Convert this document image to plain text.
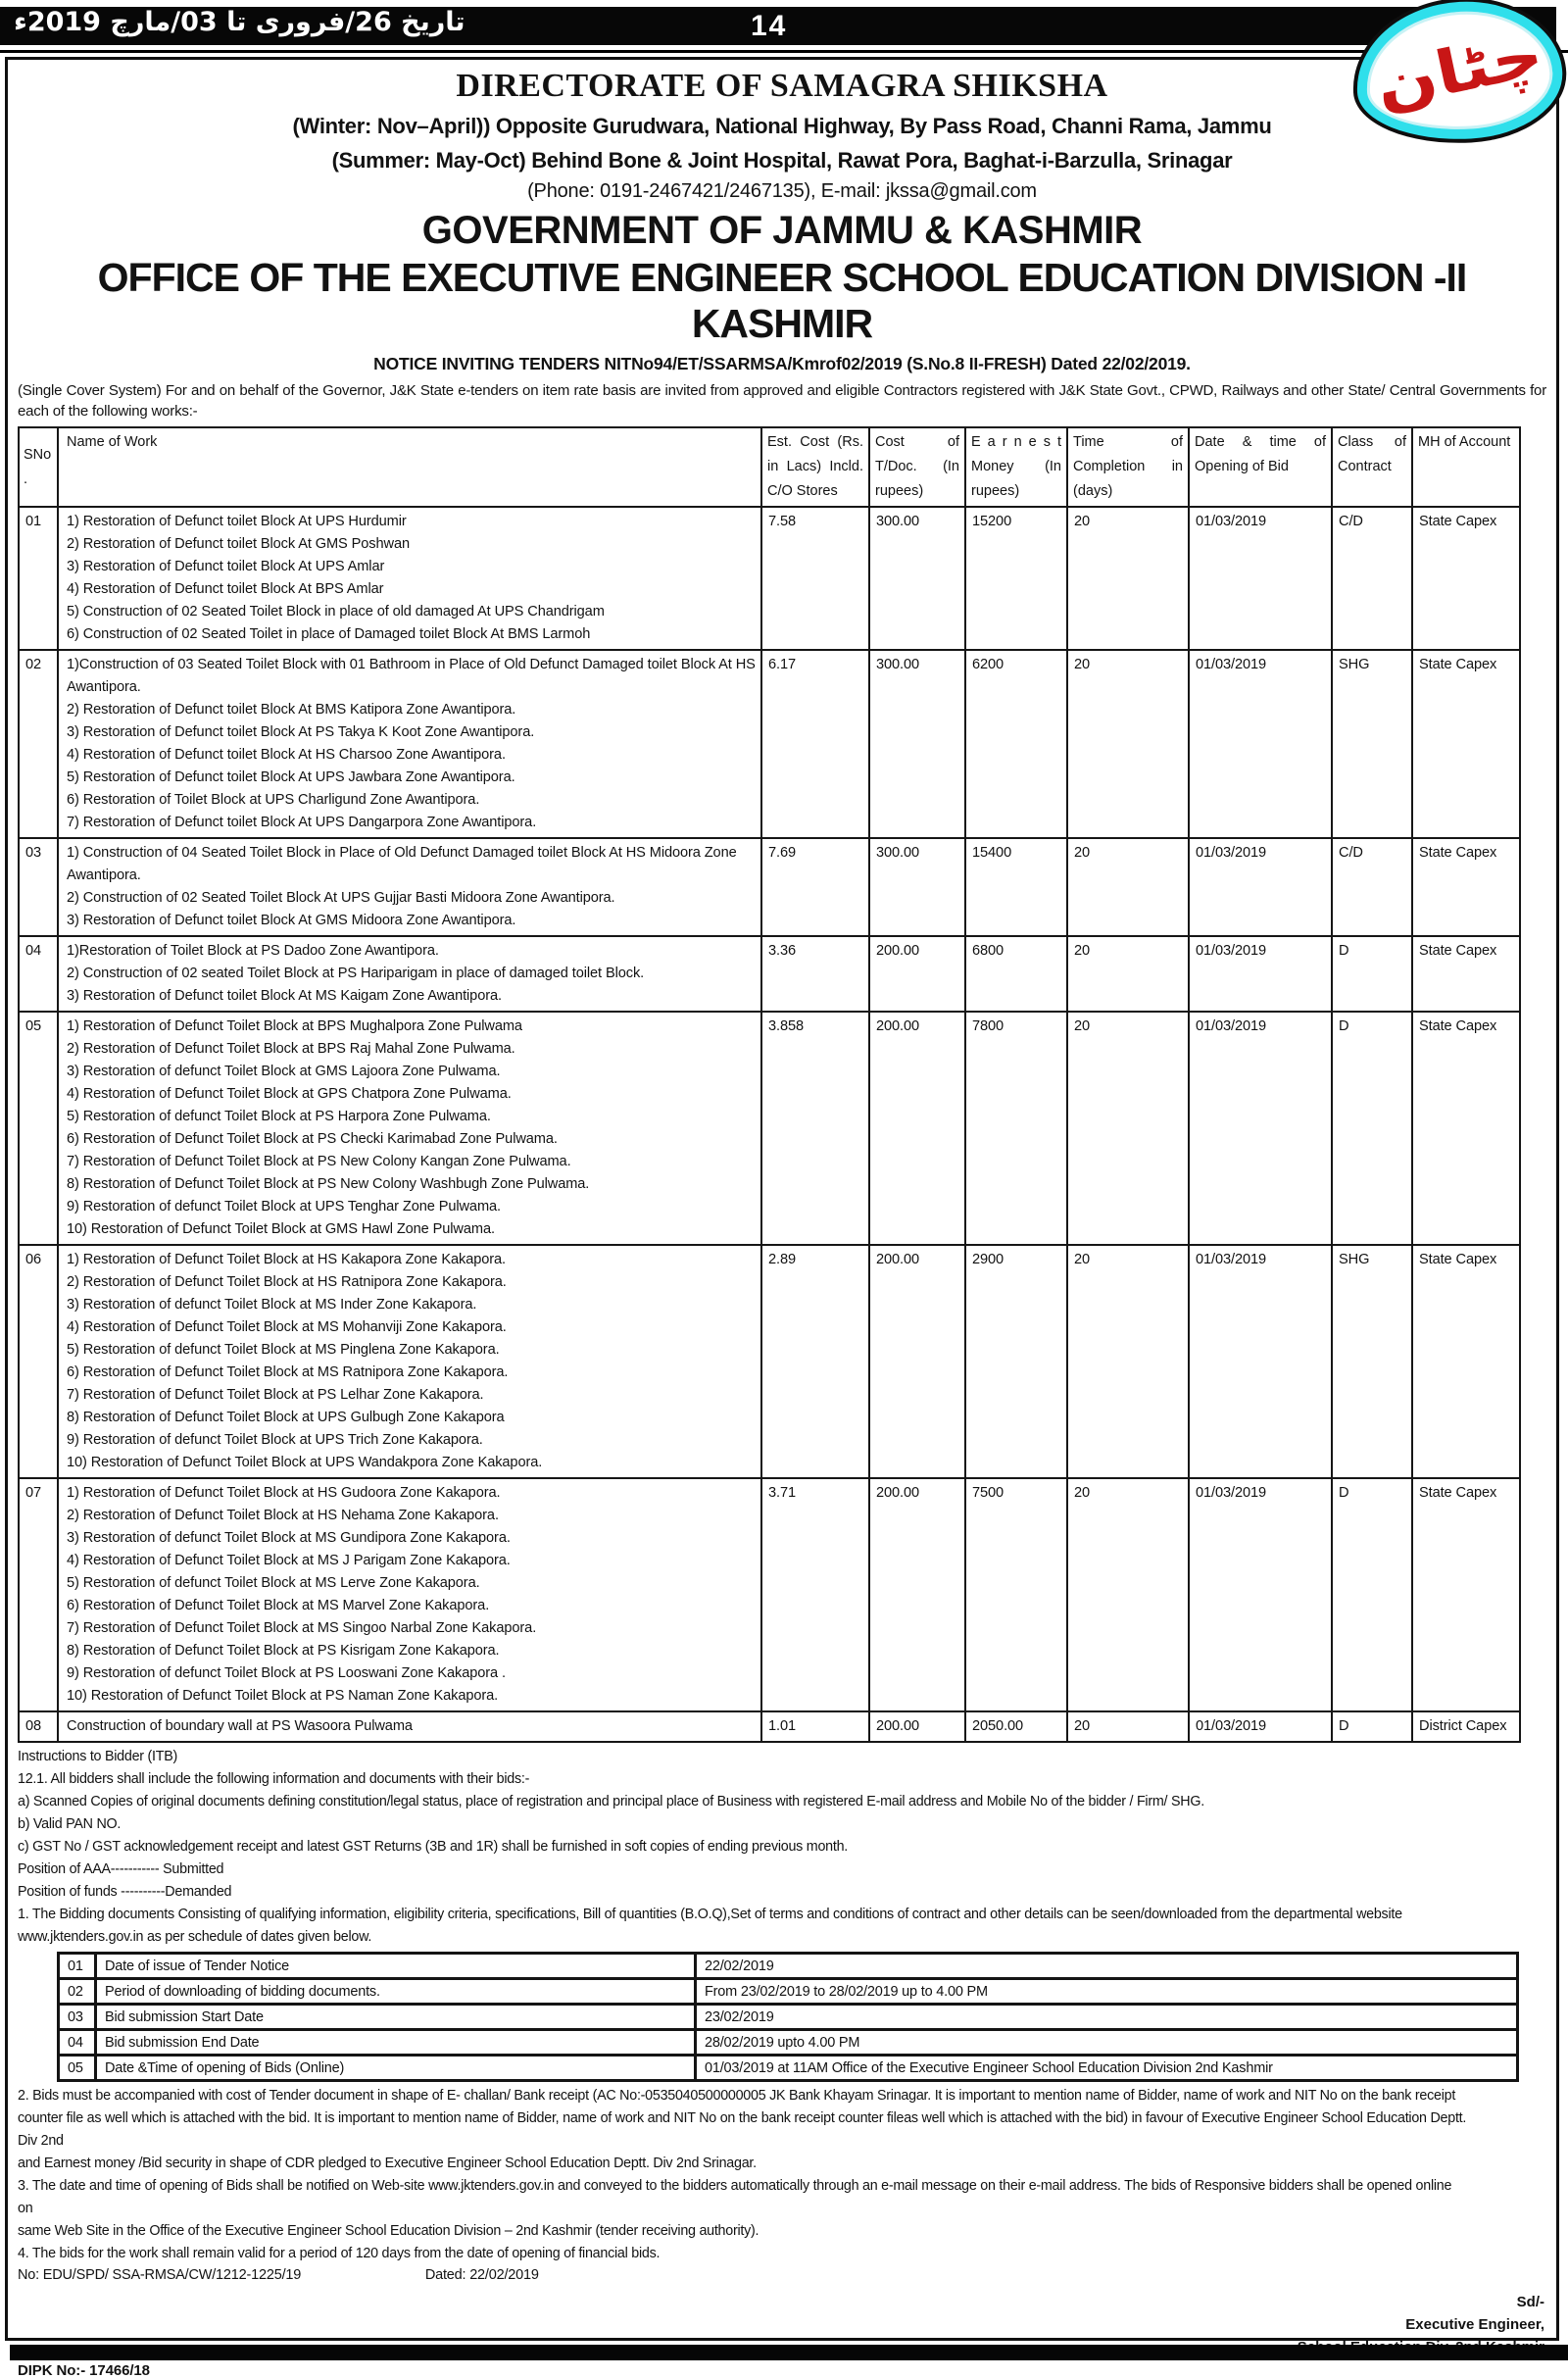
تاریخ 26/فروری تا 03/مارچ 2019ء	14	چٹان
DIRECTORATE OF SAMAGRA SHIKSHA
(Winter: Nov–April)) Opposite Gurudwara, National Highway, By Pass Road, Channi Rama, Jammu
(Summer: May-Oct) Behind Bone & Joint Hospital, Rawat Pora, Baghat-i-Barzulla, Srinagar
(Phone: 0191-2467421/2467135), E-mail: jkssa@gmail.com
GOVERNMENT OF JAMMU & KASHMIR
OFFICE OF THE EXECUTIVE ENGINEER SCHOOL EDUCATION DIVISION -II KASHMIR
NOTICE INVITING TENDERS NITNo94/ET/SSARMSA/Kmrof02/2019 (S.No.8 II-FRESH) Dated 22/02/2019.
(Single Cover System) For and on behalf of the Governor, J&K State e-tenders on item rate basis are invited from approved and eligible Contractors registered with J&K State Govt., CPWD, Railways and other State/ Central Governments for each of the following works:-
SNo.	Name of Work	Est. Cost (Rs. in Lacs) Incld. C/O Stores	Cost of T/Doc. (In rupees)	E a r n e s t Money (In rupees)	Time of Completion in (days)	Date & time of Opening of Bid	Class of Contract	MH of Account
01	1) Restoration of Defunct toilet Block At UPS Hurdumir
2) Restoration of Defunct toilet Block At GMS Poshwan
3) Restoration of Defunct toilet Block At UPS Amlar
4) Restoration of Defunct toilet Block At BPS Amlar
5) Construction of 02 Seated Toilet Block in place of old damaged At UPS Chandrigam
6) Construction of 02 Seated Toilet in place of Damaged toilet Block At BMS Larmoh
	7.58	300.00	15200	20	01/03/2019	C/D	State Capex
02	1)Construction of 03 Seated Toilet Block with 01 Bathroom in Place of Old Defunct Damaged toilet Block At HS Awantipora.
2) Restoration of Defunct toilet Block At BMS Katipora Zone Awantipora.
3) Restoration of Defunct toilet Block At PS Takya K Koot Zone Awantipora.
4) Restoration of Defunct toilet Block At HS Charsoo Zone Awantipora.
5) Restoration of Defunct toilet Block At UPS Jawbara Zone Awantipora.
6) Restoration of Toilet Block at UPS Charligund Zone Awantipora.
7) Restoration of Defunct toilet Block At UPS Dangarpora Zone Awantipora.
	6.17	300.00	6200	20	01/03/2019	SHG	State Capex
03	1) Construction of 04 Seated Toilet Block in Place of Old Defunct Damaged toilet Block At HS Midoora Zone Awantipora.
2) Construction of 02 Seated Toilet Block At UPS Gujjar Basti Midoora Zone Awantipora.
3) Restoration of Defunct toilet Block At GMS Midoora Zone Awantipora.	7.69	300.00	15400	20	01/03/2019	C/D	State Capex
04	1)Restoration of Toilet Block at PS Dadoo Zone Awantipora.
2) Construction of 02 seated Toilet Block at PS Hariparigam in place of damaged toilet Block.
3) Restoration of Defunct toilet Block At MS Kaigam Zone Awantipora.	3.36	200.00	6800	20	01/03/2019	D	State Capex
05	1) Restoration of Defunct Toilet Block at BPS Mughalpora Zone Pulwama
2) Restoration of Defunct Toilet Block at BPS Raj Mahal Zone Pulwama.
3) Restoration of defunct Toilet Block at GMS Lajoora Zone Pulwama.
4) Restoration of Defunct Toilet Block at GPS Chatpora Zone Pulwama.
5) Restoration of defunct Toilet Block at PS Harpora Zone Pulwama.
6) Restoration of Defunct Toilet Block at PS Checki Karimabad Zone Pulwama.
7) Restoration of Defunct Toilet Block at PS New Colony Kangan Zone Pulwama.
8) Restoration of Defunct Toilet Block at PS New Colony Washbugh Zone Pulwama.
9) Restoration of defunct Toilet Block at UPS Tenghar Zone Pulwama.
10) Restoration of Defunct Toilet Block at GMS Hawl Zone Pulwama.
	3.858	200.00	7800	20	01/03/2019	D	State Capex
06	1) Restoration of Defunct Toilet Block at HS Kakapora Zone Kakapora.
2) Restoration of Defunct Toilet Block at HS Ratnipora Zone Kakapora.
3) Restoration of defunct Toilet Block at MS Inder Zone Kakapora.
4) Restoration of Defunct Toilet Block at MS Mohanviji Zone Kakapora.
5) Restoration of defunct Toilet Block at MS Pinglena Zone Kakapora.
6) Restoration of Defunct Toilet Block at MS Ratnipora Zone Kakapora.
7) Restoration of Defunct Toilet Block at PS Lelhar Zone Kakapora.
8) Restoration of Defunct Toilet Block at UPS Gulbugh Zone Kakapora
9) Restoration of defunct Toilet Block at UPS Trich Zone Kakapora.
10) Restoration of Defunct Toilet Block at UPS Wandakpora Zone Kakapora.
	2.89	200.00	2900	20	01/03/2019	SHG	State Capex
07	1) Restoration of Defunct Toilet Block at HS Gudoora Zone Kakapora.
2) Restoration of Defunct Toilet Block at HS Nehama Zone Kakapora.
3) Restoration of defunct Toilet Block at MS Gundipora Zone Kakapora.
4) Restoration of Defunct Toilet Block at MS J Parigam Zone Kakapora.
5) Restoration of defunct Toilet Block at MS Lerve Zone Kakapora.
6) Restoration of Defunct Toilet Block at MS Marvel Zone Kakapora.
7) Restoration of Defunct Toilet Block at MS Singoo Narbal Zone Kakapora.
8) Restoration of Defunct Toilet Block at PS Kisrigam Zone Kakapora.
9) Restoration of defunct Toilet Block at PS Looswani Zone Kakapora .
10) Restoration of Defunct Toilet Block at PS Naman Zone Kakapora.
	3.71	200.00	7500	20	01/03/2019	D	State Capex
08	Construction of boundary wall at PS Wasoora Pulwama	1.01	200.00	2050.00	20	01/03/2019	D	District Capex
Instructions to Bidder (ITB)
12.1. All bidders shall include the following information and documents with their bids:-
a) Scanned Copies of original documents defining constitution/legal status, place of registration and principal place of Business with registered E-mail address and Mobile No of the bidder / Firm/ SHG.
b) Valid PAN NO.
c) GST No / GST acknowledgement receipt and latest GST Returns (3B and 1R) shall be furnished in soft copies of ending previous month.
Position of AAA----------- Submitted
Position of funds ----------Demanded
1. The Bidding documents Consisting of qualifying information, eligibility criteria, specifications, Bill of quantities (B.O.Q),Set of terms and conditions of contract and other details can be seen/downloaded from the departmental website
www.jktenders.gov.in as per schedule of dates given below.
01	Date of issue of Tender Notice	22/02/2019
02	Period of downloading of bidding documents.	From 23/02/2019 to 28/02/2019 up to 4.00 PM
03	Bid submission Start Date	23/02/2019
04	Bid submission End Date	28/02/2019 upto 4.00 PM
05	Date &Time of opening of Bids (Online)	01/03/2019 at 11AM Office of the Executive Engineer School Education Division 2nd Kashmir
2. Bids must be accompanied with cost of Tender document in shape of E- challan/ Bank receipt (AC No:-0535040500000005 JK Bank Khayam Srinagar. It is important to mention name of Bidder, name of work and NIT No on the bank receipt
counter file as well which is attached with the bid. It is important to mention name of Bidder, name of work and NIT No on the bank receipt counter fileas well which is attached with the bid) in favour of Executive Engineer School Education Deptt.
Div 2nd
and Earnest money /Bid security in shape of CDR pledged to Executive Engineer School Education Deptt. Div 2nd Srinagar.
3. The date and time of opening of Bids shall be notified on Web-site www.jktenders.gov.in and conveyed to the bidders automatically through an e-mail message on their e-mail address. The bids of Responsive bidders shall be opened online
on
same Web Site in the Office of the Executive Engineer School Education Division – 2nd Kashmir (tender receiving authority).
4. The bids for the work shall remain valid for a period of 120 days from the date of opening of financial bids.
No: EDU/SPD/ SSA-RMSA/CW/1212-1225/19	Dated: 22/02/2019
Sd/-
Executive Engineer,
DIPK No:- 17466/18
